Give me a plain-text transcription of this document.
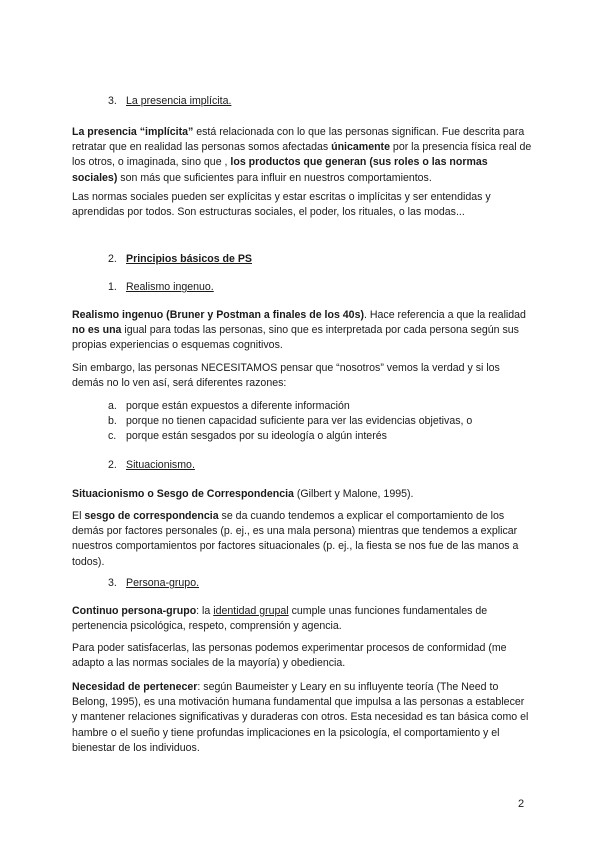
3. La presencia implícita.

La presencia “implícita” está relacionada con lo que las personas significan. Fue descrita para retratar que en realidad las personas somos afectadas únicamente por la presencia física real de los otros, o imaginada, sino que , los productos que generan (sus roles o las normas sociales) son más que suficientes para influir en nuestros comportamientos.

Las normas sociales pueden ser explícitas y estar escritas o implícitas y ser entendidas y aprendidas por todos. Son estructuras sociales, el poder, los rituales, o las modas...

2. Principios básicos de PS

1. Realismo ingenuo.

Realismo ingenuo (Bruner y Postman a finales de los 40s). Hace referencia a que la realidad no es una igual para todas las personas, sino que es interpretada por cada persona según sus propias experiencias o esquemas cognitivos.

Sin embargo, las personas NECESITAMOS pensar que “nosotros” vemos la verdad y si los demás no lo ven así, será diferentes razones:

a. porque están expuestos a diferente información
b. porque no tienen capacidad suficiente para ver las evidencias objetivas, o
c. porque están sesgados por su ideología o algún interés

2. Situacionismo.

Situacionismo o Sesgo de Correspondencia (Gilbert y Malone, 1995).

El sesgo de correspondencia se da cuando tendemos a explicar el comportamiento de los demás por factores personales (p. ej., es una mala persona) mientras que tendemos a explicar nuestros comportamientos por factores situacionales (p. ej., la fiesta se nos fue de las manos a todos).

3. Persona-grupo.

Continuo persona-grupo: la identidad grupal cumple unas funciones fundamentales de pertenencia psicológica, respeto, comprensión y agencia.

Para poder satisfacerlas, las personas podemos experimentar procesos de conformidad (me adapto a las normas sociales de la mayoría) y obediencia.

Necesidad de pertenecer: según Baumeister y Leary en su influyente teoría (The Need to Belong, 1995), es una motivación humana fundamental que impulsa a las personas a establecer y mantener relaciones significativas y duraderas con otros. Esta necesidad es tan básica como el hambre o el sueño y tiene profundas implicaciones en la psicología, el comportamiento y el bienestar de los individuos.

2
